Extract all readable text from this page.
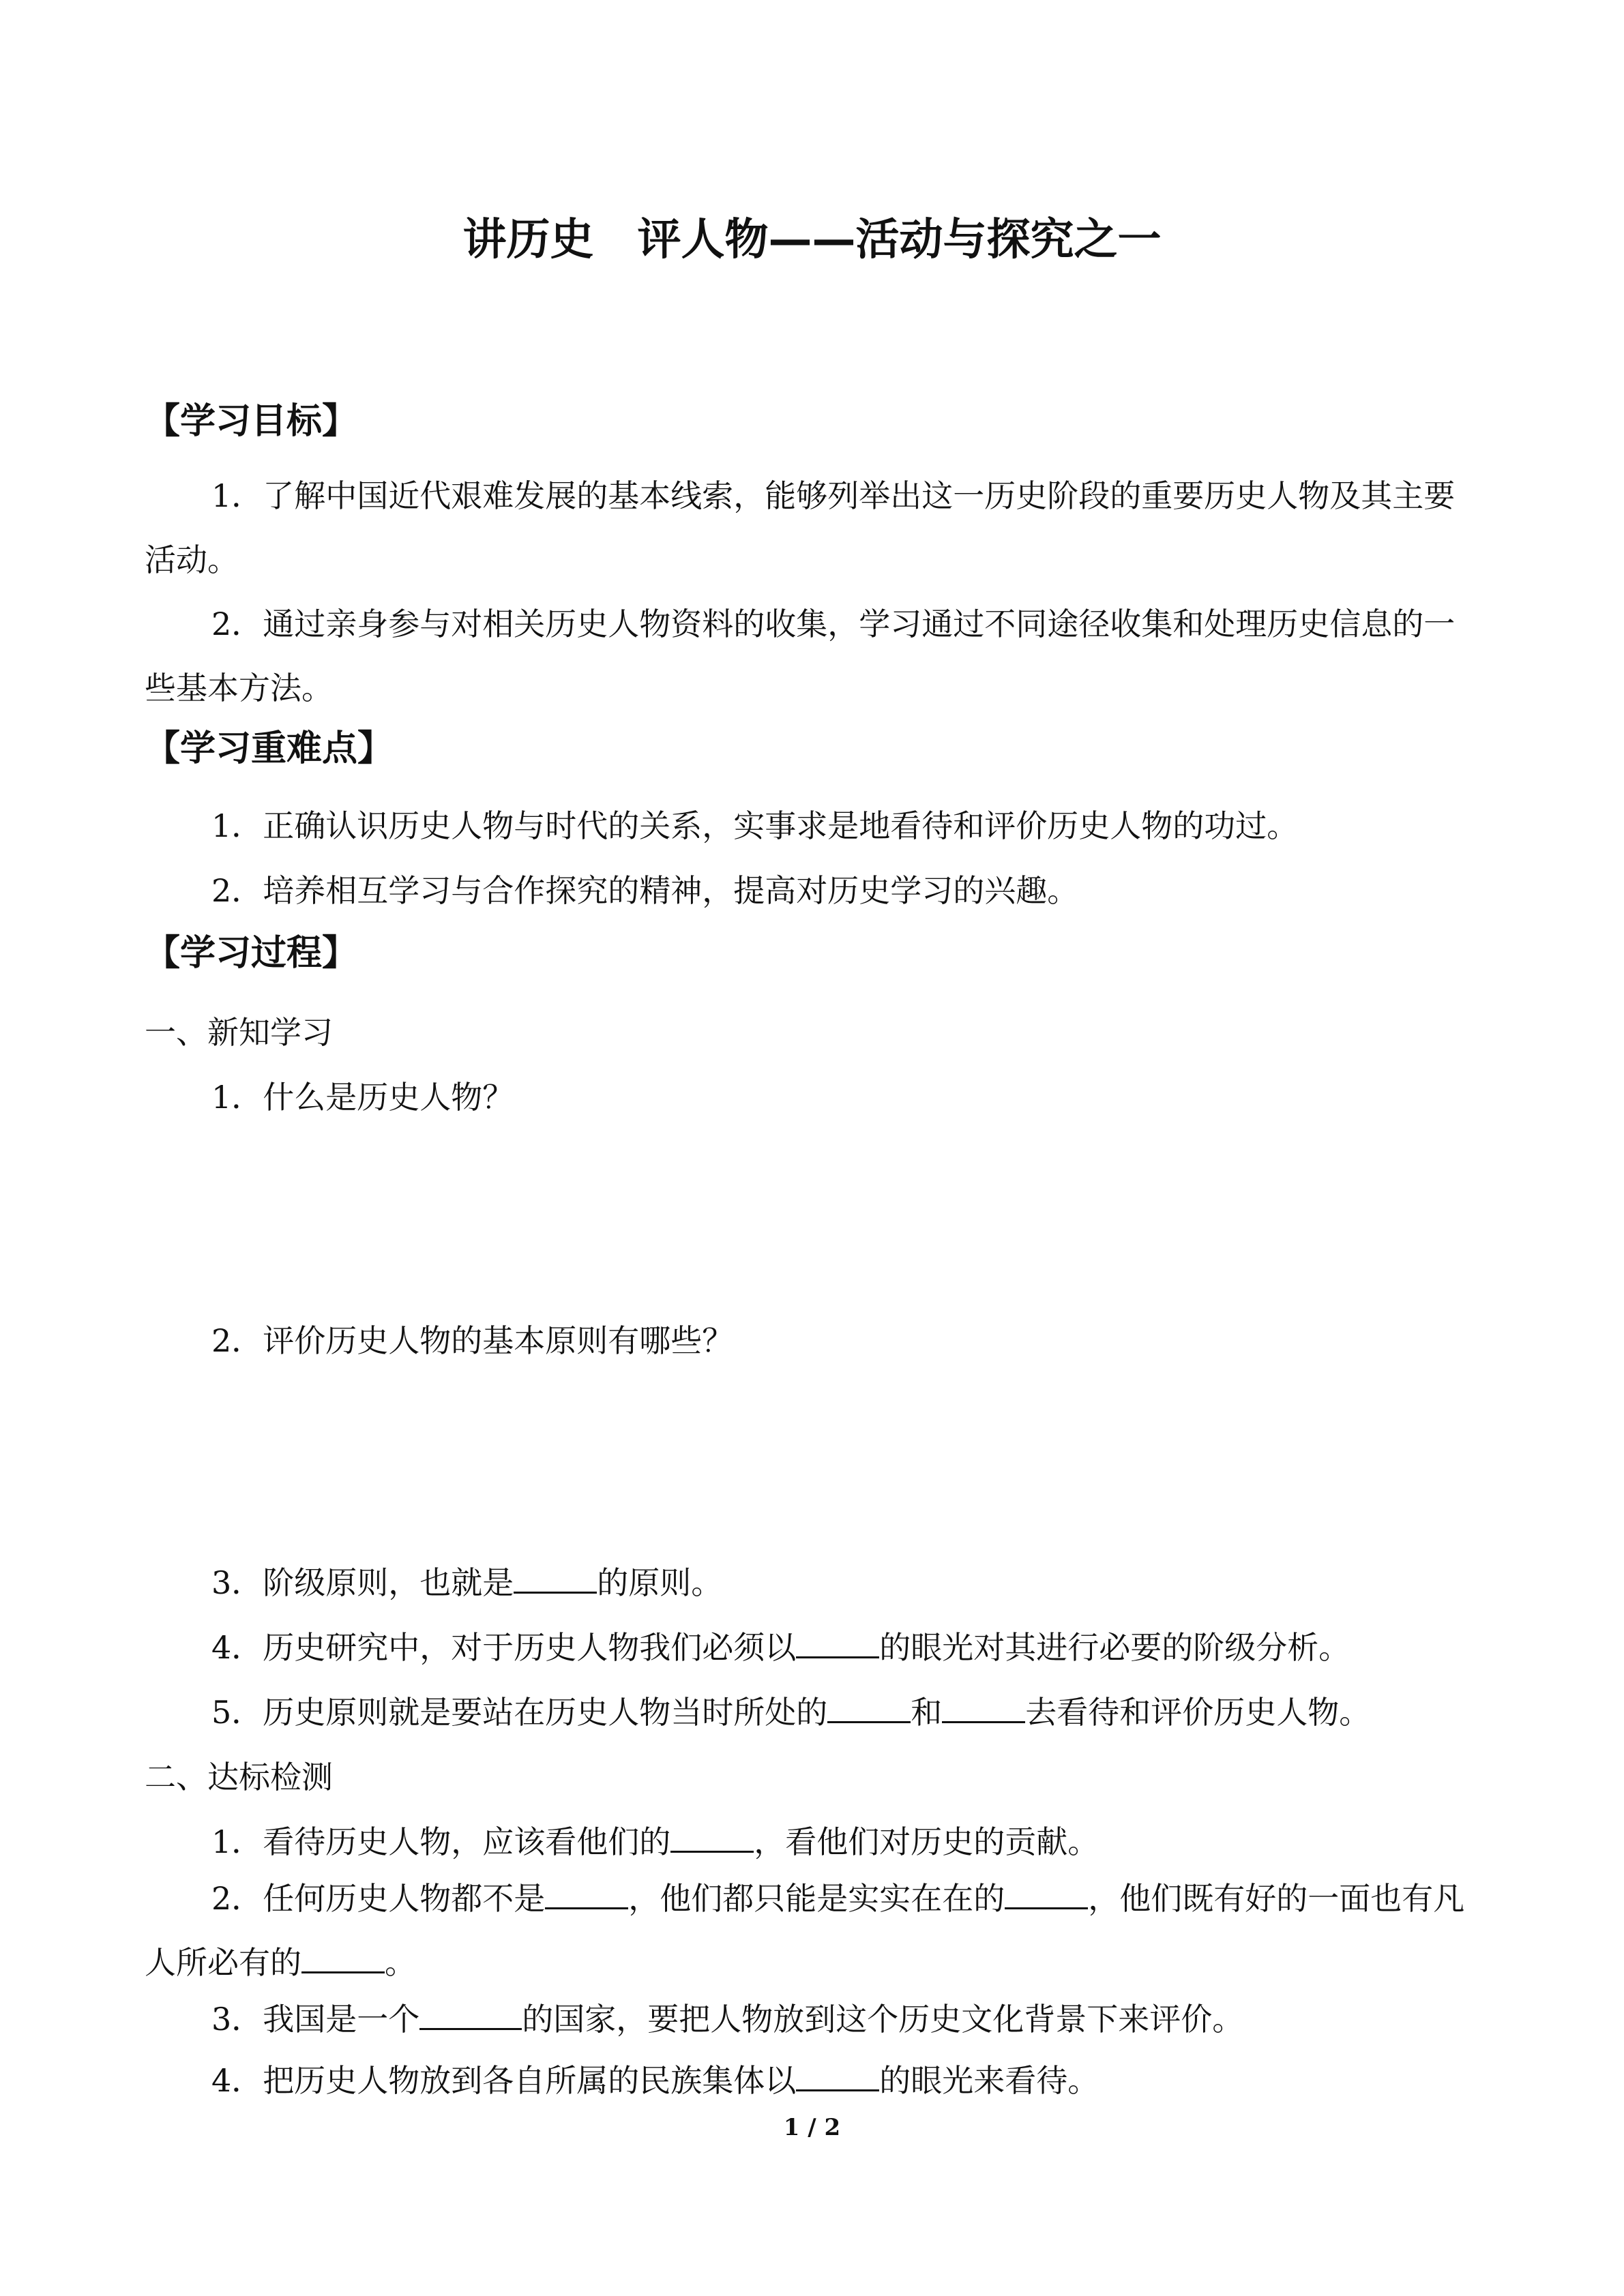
讲历史　评人物——活动与探究之一
【学习目标】
1．了解中国近代艰难发展的基本线索，能够列举出这一历史阶段的重要历史人物及其主要活动。
2．通过亲身参与对相关历史人物资料的收集，学习通过不同途径收集和处理历史信息的一些基本方法。
【学习重难点】
1．正确认识历史人物与时代的关系，实事求是地看待和评价历史人物的功过。
2．培养相互学习与合作探究的精神，提高对历史学习的兴趣。
【学习过程】
一、新知学习
1．什么是历史人物？
2．评价历史人物的基本原则有哪些？
3．阶级原则，也就是	的原则。
4．历史研究中，对于历史人物我们必须以	的眼光对其进行必要的阶级分析。
5．历史原则就是要站在历史人物当时所处的	和	去看待和评价历史人物。
二、达标检测
1．看待历史人物，应该看他们的	，看他们对历史的贡献。
2．任何历史人物都不是	，他们都只能是实实在在的	，他们既有好的一面也有凡人所必有的	。
3．我国是一个	的国家，要把人物放到这个历史文化背景下来评价。
4．把历史人物放到各自所属的民族集体以	的眼光来看待。
1 / 2
